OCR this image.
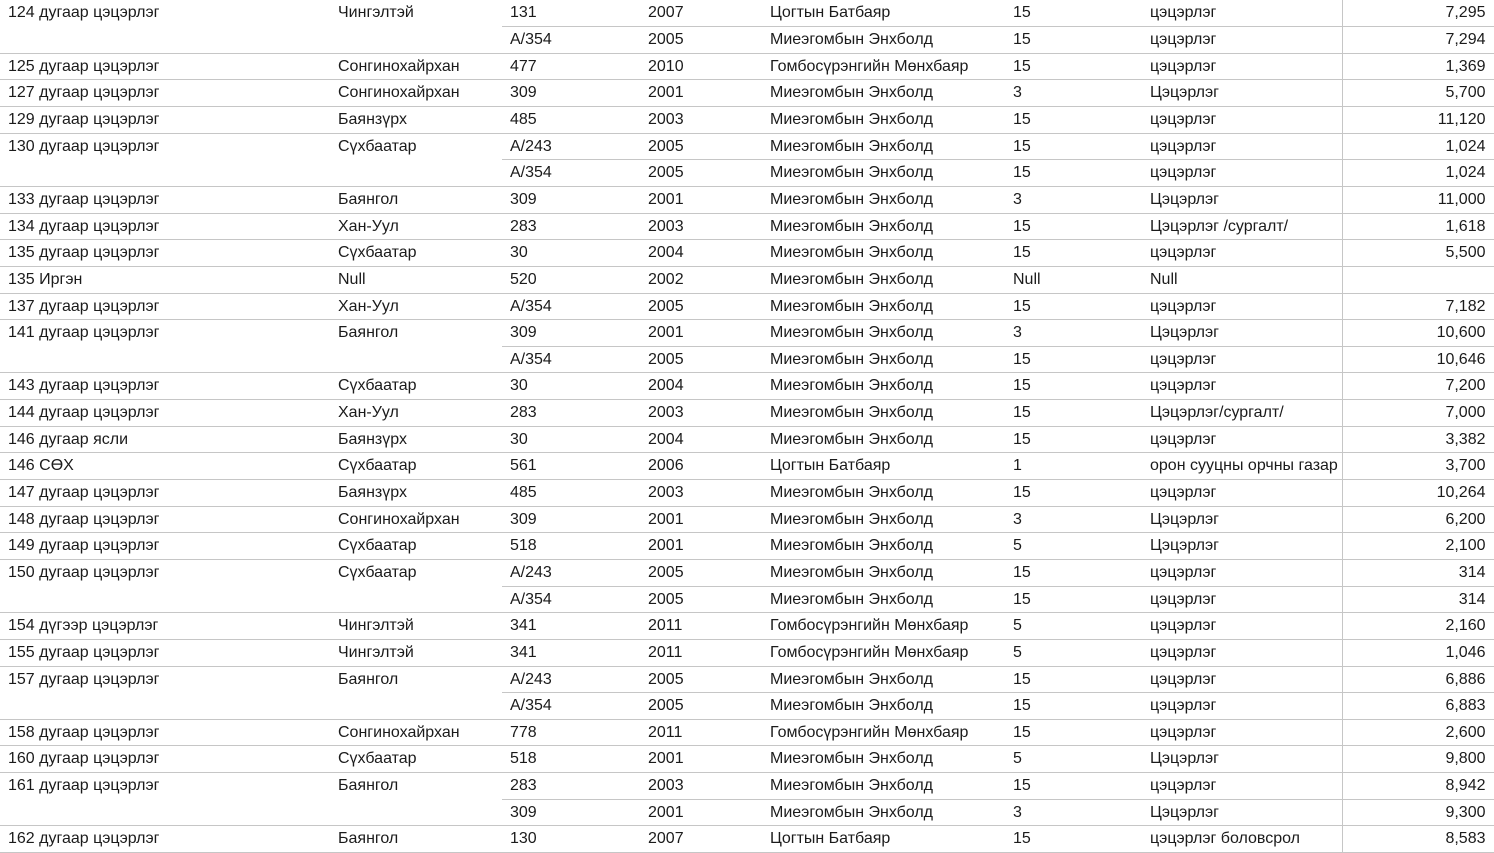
124 дугаар цэцэрлэг	Чингэлтэй	131	2007	Цогтын Батбаяр	15	цэцэрлэг	7,295
		А/354	2005	Миеэгомбын Энхболд	15	цэцэрлэг	7,294
125 дугаар цэцэрлэг	Сонгинохайрхан	477	2010	Гомбосүрэнгийн Мөнхбаяр	15	цэцэрлэг	1,369
127 дугаар цэцэрлэг	Сонгинохайрхан	309	2001	Миеэгомбын Энхболд	3	Цэцэрлэг	5,700
129 дугаар цэцэрлэг	Баянзүрх	485	2003	Миеэгомбын Энхболд	15	цэцэрлэг	11,120
130 дугаар цэцэрлэг	Сүхбаатар	А/243	2005	Миеэгомбын Энхболд	15	цэцэрлэг	1,024
		А/354	2005	Миеэгомбын Энхболд	15	цэцэрлэг	1,024
133 дугаар цэцэрлэг	Баянгол	309	2001	Миеэгомбын Энхболд	3	Цэцэрлэг	11,000
134 дугаар цэцэрлэг	Хан-Уул	283	2003	Миеэгомбын Энхболд	15	Цэцэрлэг /сургалт/	1,618
135 дугаар цэцэрлэг	Сүхбаатар	30	2004	Миеэгомбын Энхболд	15	цэцэрлэг	5,500
135 Иргэн	Null	520	2002	Миеэгомбын Энхболд	Null	Null	
137 дугаар цэцэрлэг	Хан-Уул	А/354	2005	Миеэгомбын Энхболд	15	цэцэрлэг	7,182
141 дугаар цэцэрлэг	Баянгол	309	2001	Миеэгомбын Энхболд	3	Цэцэрлэг	10,600
		А/354	2005	Миеэгомбын Энхболд	15	цэцэрлэг	10,646
143 дугаар цэцэрлэг	Сүхбаатар	30	2004	Миеэгомбын Энхболд	15	цэцэрлэг	7,200
144 дугаар цэцэрлэг	Хан-Уул	283	2003	Миеэгомбын Энхболд	15	Цэцэрлэг/сургалт/	7,000
146 дугаар ясли	Баянзүрх	30	2004	Миеэгомбын Энхболд	15	цэцэрлэг	3,382
146 СӨХ	Сүхбаатар	561	2006	Цогтын Батбаяр	1	орон сууцны орчны газар	3,700
147 дугаар цэцэрлэг	Баянзүрх	485	2003	Миеэгомбын Энхболд	15	цэцэрлэг	10,264
148 дугаар цэцэрлэг	Сонгинохайрхан	309	2001	Миеэгомбын Энхболд	3	Цэцэрлэг	6,200
149 дугаар цэцэрлэг	Сүхбаатар	518	2001	Миеэгомбын Энхболд	5	Цэцэрлэг	2,100
150 дугаар цэцэрлэг	Сүхбаатар	А/243	2005	Миеэгомбын Энхболд	15	цэцэрлэг	314
		А/354	2005	Миеэгомбын Энхболд	15	цэцэрлэг	314
154 дүгээр цэцэрлэг	Чингэлтэй	341	2011	Гомбосүрэнгийн Мөнхбаяр	5	цэцэрлэг	2,160
155 дугаар цэцэрлэг	Чингэлтэй	341	2011	Гомбосүрэнгийн Мөнхбаяр	5	цэцэрлэг	1,046
157 дугаар цэцэрлэг	Баянгол	А/243	2005	Миеэгомбын Энхболд	15	цэцэрлэг	6,886
		А/354	2005	Миеэгомбын Энхболд	15	цэцэрлэг	6,883
158 дугаар цэцэрлэг	Сонгинохайрхан	778	2011	Гомбосүрэнгийн Мөнхбаяр	15	цэцэрлэг	2,600
160 дугаар цэцэрлэг	Сүхбаатар	518	2001	Миеэгомбын Энхболд	5	Цэцэрлэг	9,800
161 дугаар цэцэрлэг	Баянгол	283	2003	Миеэгомбын Энхболд	15	цэцэрлэг	8,942
		309	2001	Миеэгомбын Энхболд	3	Цэцэрлэг	9,300
162 дугаар цэцэрлэг	Баянгол	130	2007	Цогтын Батбаяр	15	цэцэрлэг боловсрол	8,583
